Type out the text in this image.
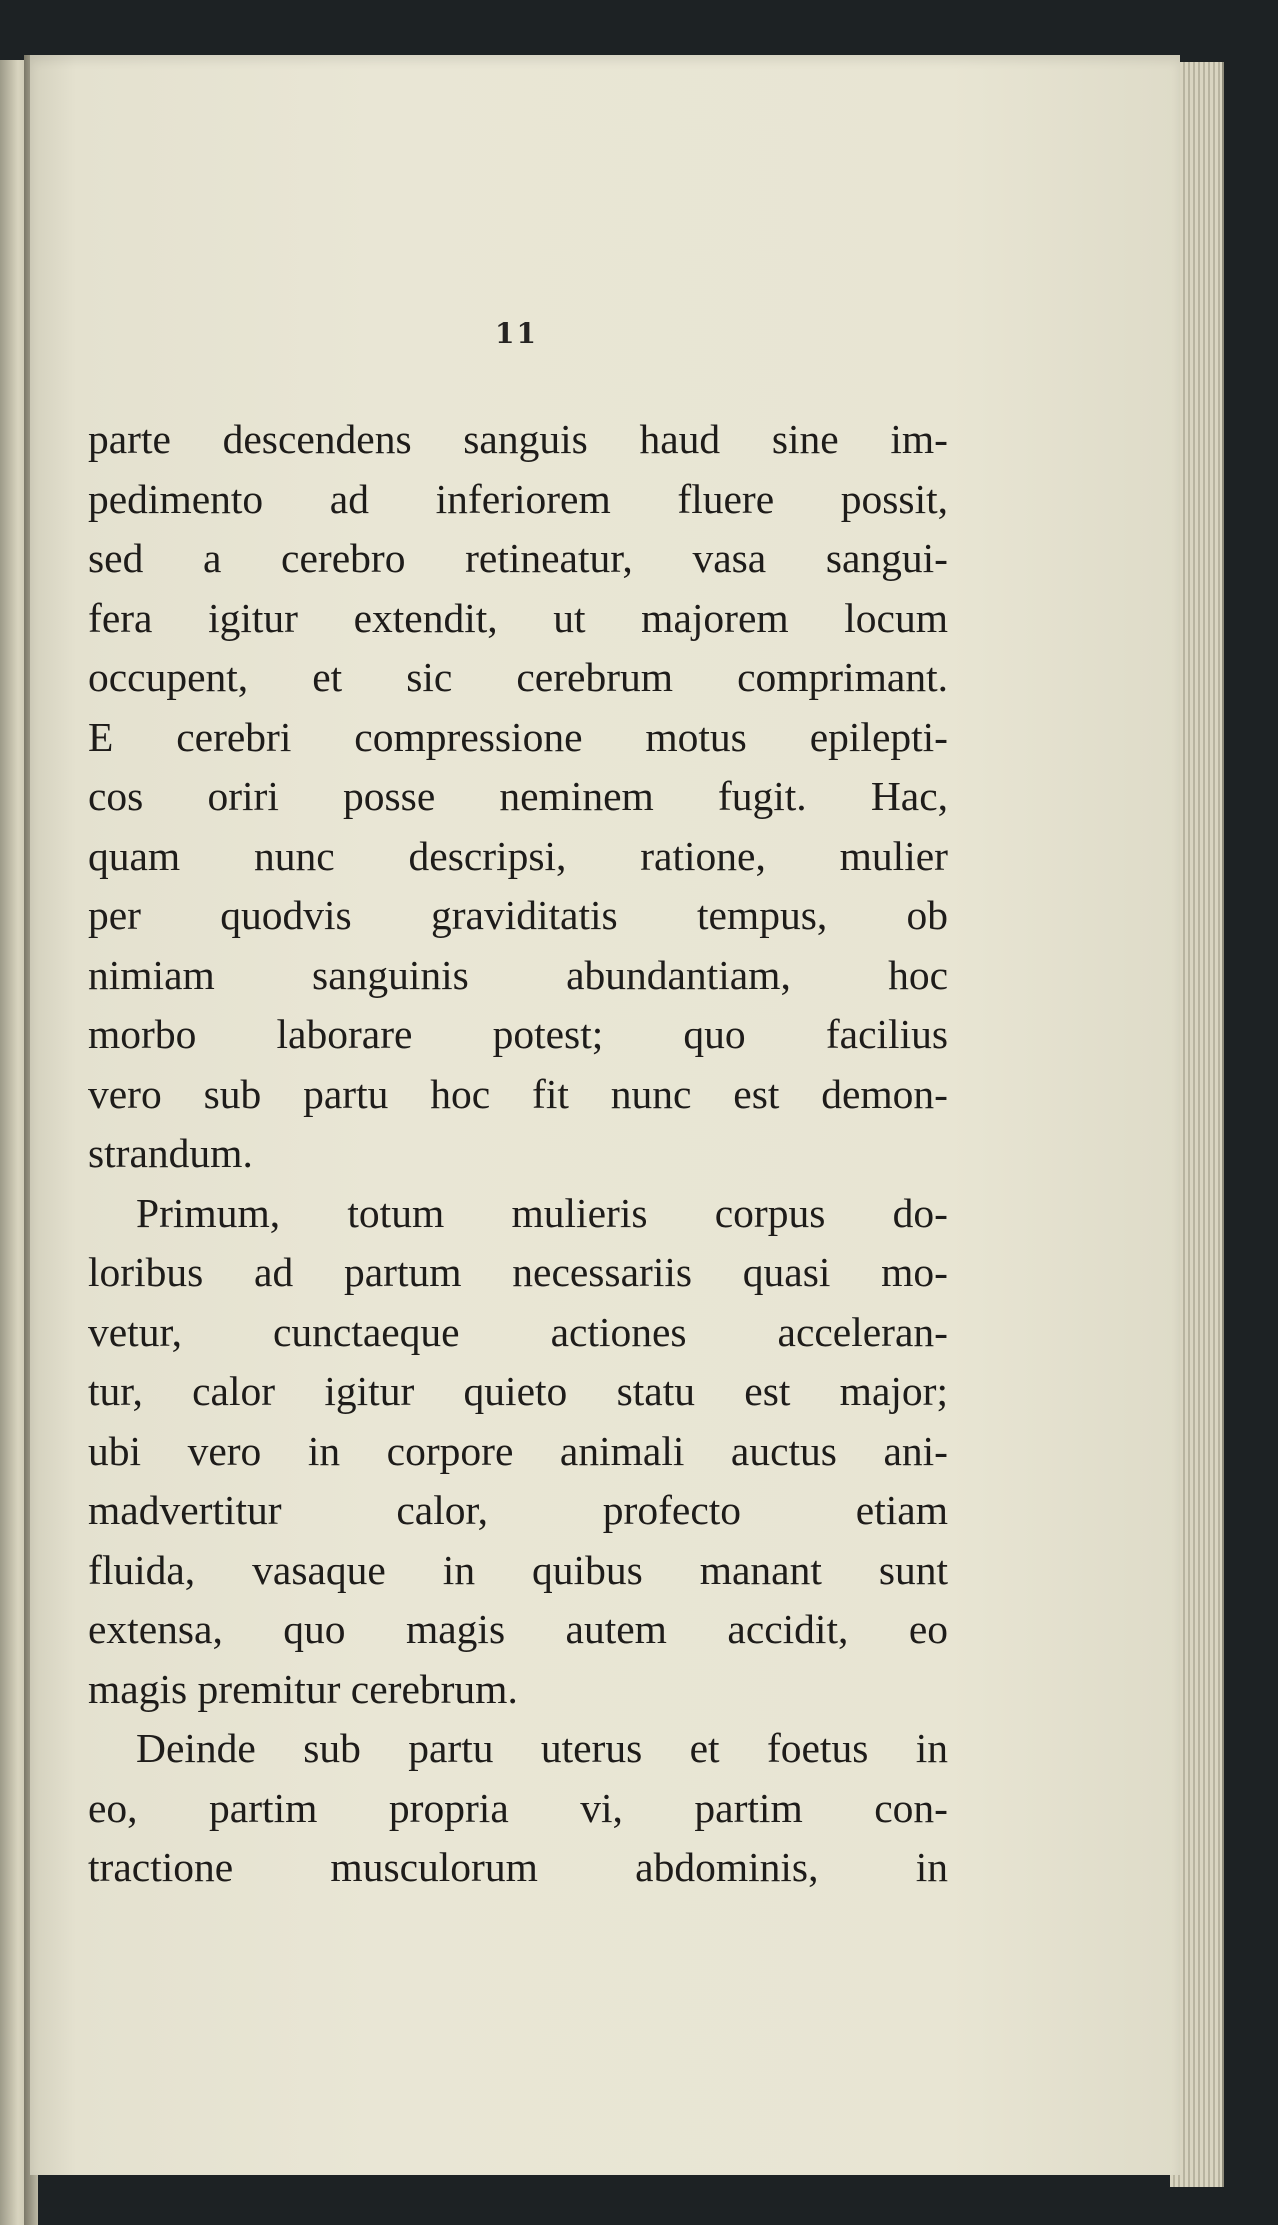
11
parte descendens sanguis haud sine im-
pedimento ad inferiorem fluere possit,
sed a cerebro retineatur, vasa sangui-
fera igitur extendit, ut majorem locum
occupent, et sic cerebrum comprimant.
E cerebri compressione motus epilepti-
cos oriri posse neminem fugit. Hac,
quam nunc descripsi, ratione, mulier
per quodvis graviditatis tempus, ob
nimiam sanguinis abundantiam, hoc
morbo laborare potest; quo facilius
vero sub partu hoc fit nunc est demon-
strandum.
Primum, totum mulieris corpus do-
loribus ad partum necessariis quasi mo-
vetur, cunctaeque actiones acceleran-
tur, calor igitur quieto statu est major;
ubi vero in corpore animali auctus ani-
madvertitur calor, profecto etiam
fluida, vasaque in quibus manant sunt
extensa, quo magis autem accidit, eo
magis premitur cerebrum.
Deinde sub partu uterus et foetus in
eo, partim propria vi, partim con-
tractione musculorum abdominis, in
